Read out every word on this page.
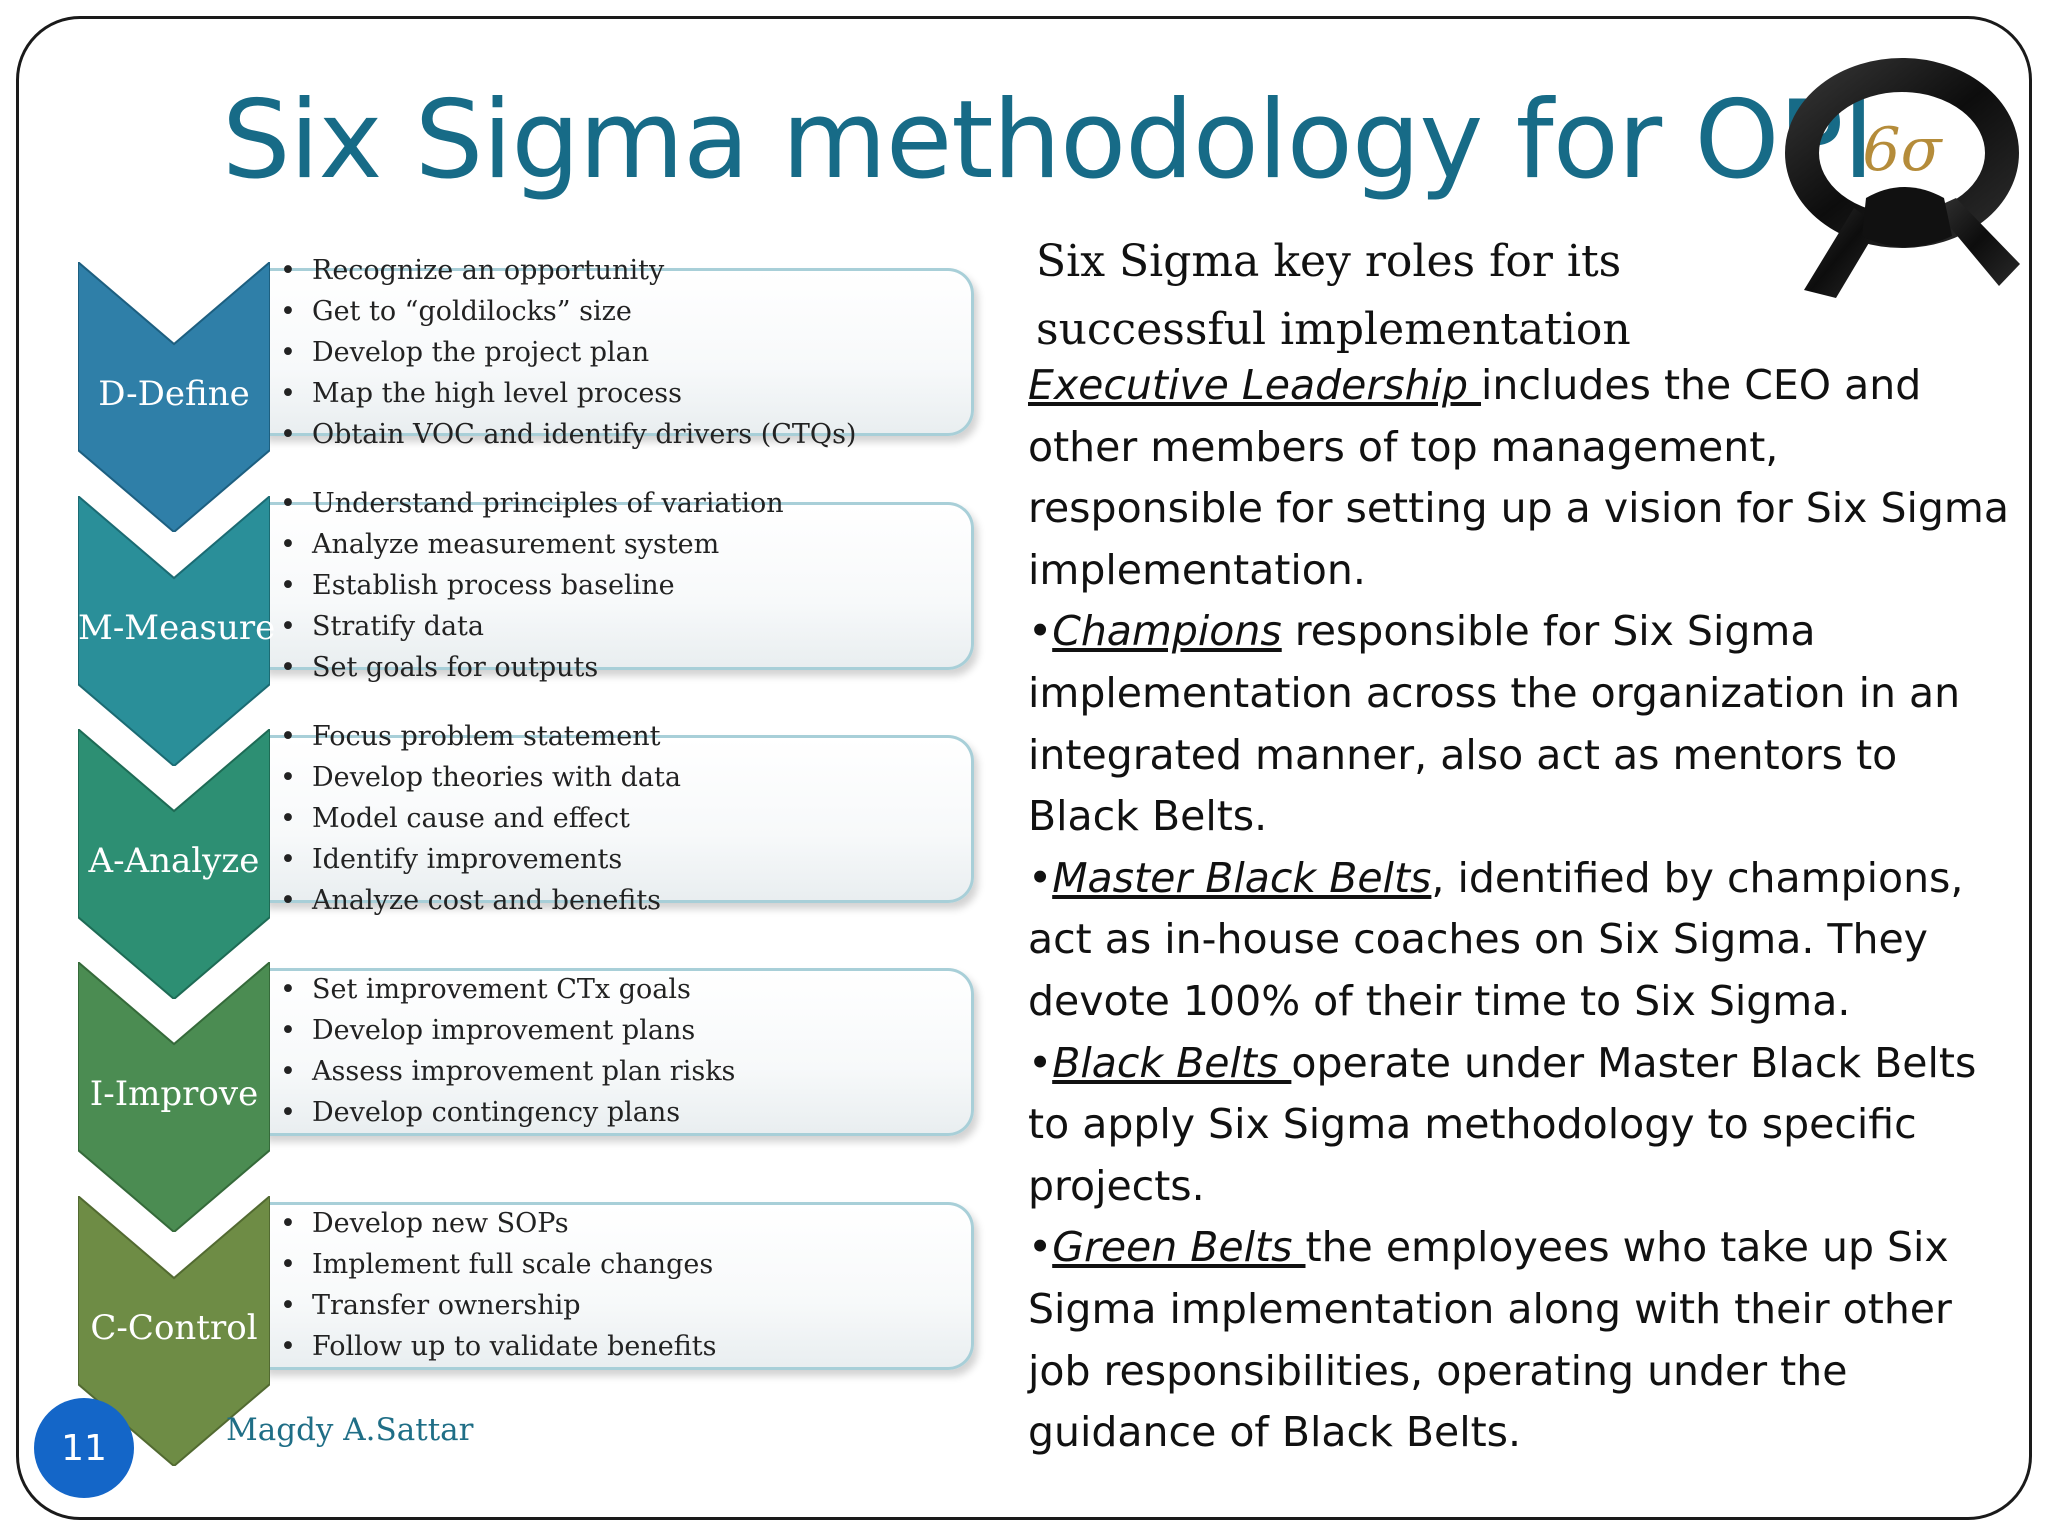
Six Sigma methodology for OPI
6σ
D-Define
M-Measure
A-Analyze
I-Improve
C-Control
• Recognize an opportunity
• Get to “goldilocks” size
• Develop the project plan
• Map the high level process
• Obtain VOC and identify drivers (CTQs)
• Understand principles of variation
• Analyze measurement system
• Establish process baseline
• Stratify data
• Set goals for outputs
• Focus problem statement
• Develop theories with data
• Model cause and effect
• Identify improvements
• Analyze cost and benefits
• Set improvement CTx goals
• Develop improvement plans
• Assess improvement plan risks
• Develop contingency plans
• Develop new SOPs
• Implement full scale changes
• Transfer ownership
• Follow up to validate benefits
Six Sigma key roles for its successful implementation

Executive Leadership includes the CEO and other members of top management, responsible for setting up a vision for Six Sigma implementation.

•Champions responsible for Six Sigma implementation across the organization in an integrated manner, also act as mentors to Black Belts.

•Master Black Belts, identified by champions, act as in-house coaches on Six Sigma. They devote 100% of their time to Six Sigma.

•Black Belts operate under Master Black Belts to apply Six Sigma methodology to specific projects.

•Green Belts the employees who take up Six Sigma implementation along with their other job responsibilities, operating under the guidance of Black Belts.

11	Magdy A.Sattar
